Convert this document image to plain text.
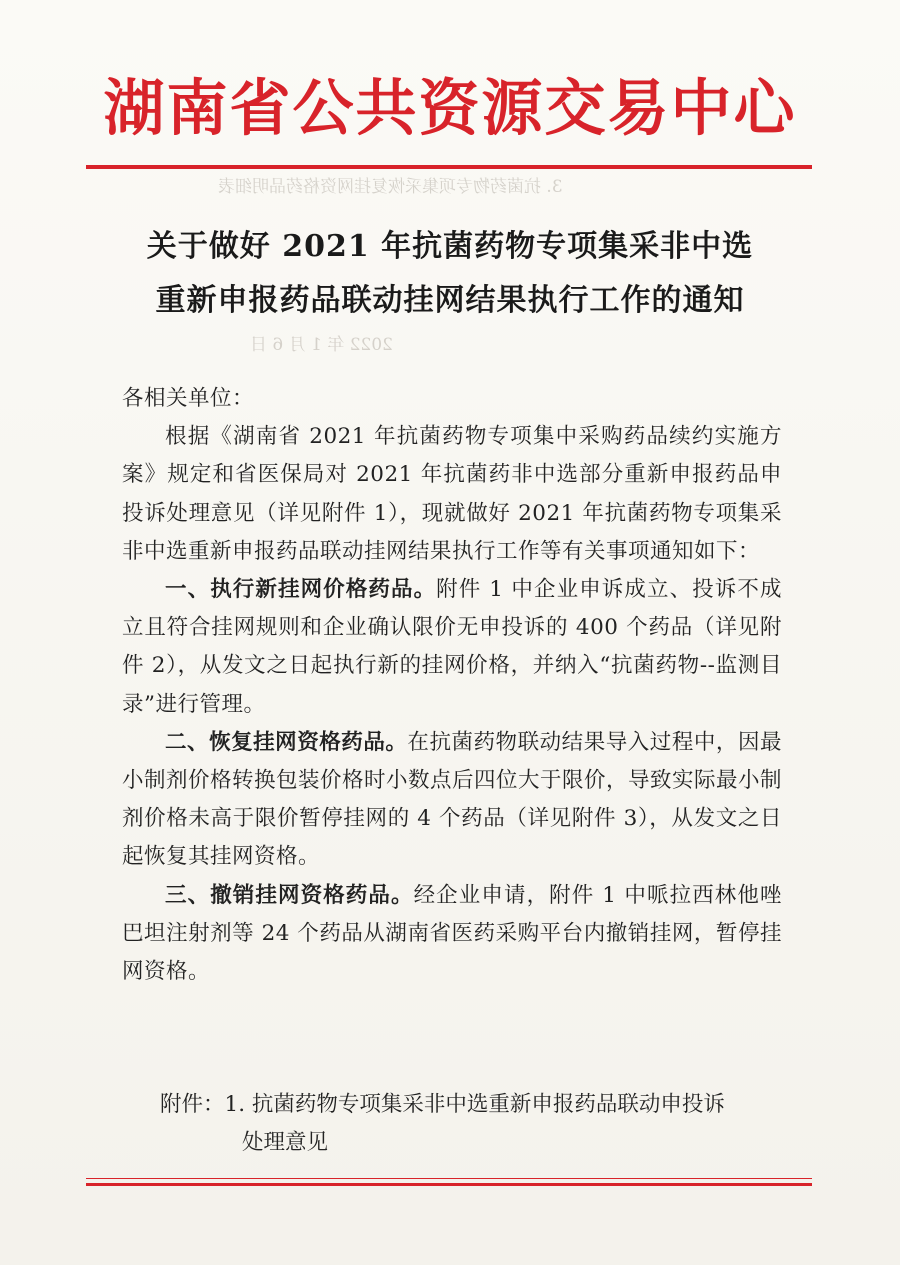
3. 抗菌药物专项集采恢复挂网资格药品明细表
2022 年 1 月 6 日
湖南省公共资源交易中心
关于做好 2021 年抗菌药物专项集采非中选
重新申报药品联动挂网结果执行工作的通知

各相关单位：

根据《湖南省 2021 年抗菌药物专项集中采购药品续约实施方案》规定和省医保局对 2021 年抗菌药非中选部分重新申报药品申投诉处理意见（详见附件 1），现就做好 2021 年抗菌药物专项集采非中选重新申报药品联动挂网结果执行工作等有关事项通知如下：

一、执行新挂网价格药品。附件 1 中企业申诉成立、投诉不成立且符合挂网规则和企业确认限价无申投诉的 400 个药品（详见附件 2），从发文之日起执行新的挂网价格，并纳入“抗菌药物--监测目录”进行管理。

二、恢复挂网资格药品。在抗菌药物联动结果导入过程中，因最小制剂价格转换包装价格时小数点后四位大于限价，导致实际最小制剂价格未高于限价暂停挂网的 4 个药品（详见附件 3），从发文之日起恢复其挂网资格。

三、撤销挂网资格药品。经企业申请，附件 1 中哌拉西林他唑巴坦注射剂等 24 个药品从湖南省医药采购平台内撤销挂网，暂停挂网资格。

附件：1. 抗菌药物专项集采非中选重新申报药品联动申投诉
处理意见
